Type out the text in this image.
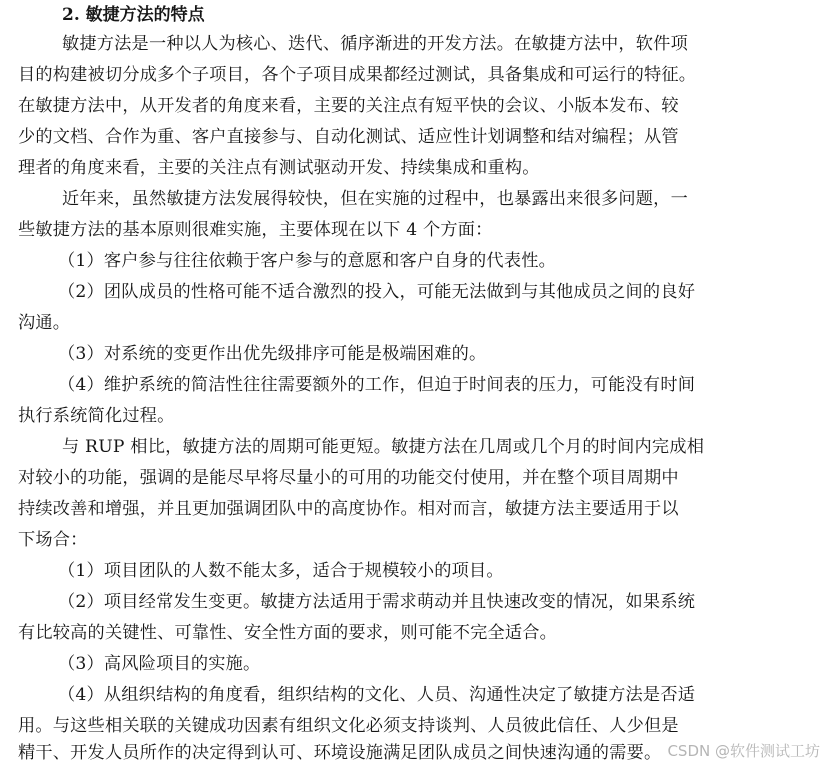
2. 敏捷方法的特点
敏捷方法是一种以人为核心、迭代、循序渐进的开发方法。在敏捷方法中，软件项
目的构建被切分成多个子项目，各个子项目成果都经过测试，具备集成和可运行的特征。
在敏捷方法中，从开发者的角度来看，主要的关注点有短平快的会议、小版本发布、较
少的文档、合作为重、客户直接参与、自动化测试、适应性计划调整和结对编程；从管
理者的角度来看，主要的关注点有测试驱动开发、持续集成和重构。
近年来，虽然敏捷方法发展得较快，但在实施的过程中，也暴露出来很多问题，一
些敏捷方法的基本原则很难实施，主要体现在以下 4 个方面：
（1）客户参与往往依赖于客户参与的意愿和客户自身的代表性。
（2）团队成员的性格可能不适合激烈的投入，可能无法做到与其他成员之间的良好
沟通。
（3）对系统的变更作出优先级排序可能是极端困难的。
（4）维护系统的简洁性往往需要额外的工作，但迫于时间表的压力，可能没有时间
执行系统简化过程。
与 RUP 相比，敏捷方法的周期可能更短。敏捷方法在几周或几个月的时间内完成相
对较小的功能，强调的是能尽早将尽量小的可用的功能交付使用，并在整个项目周期中
持续改善和增强，并且更加强调团队中的高度协作。相对而言，敏捷方法主要适用于以
下场合：
（1）项目团队的人数不能太多，适合于规模较小的项目。
（2）项目经常发生变更。敏捷方法适用于需求萌动并且快速改变的情况，如果系统
有比较高的关键性、可靠性、安全性方面的要求，则可能不完全适合。
（3）高风险项目的实施。
（4）从组织结构的角度看，组织结构的文化、人员、沟通性决定了敏捷方法是否适
用。与这些相关联的关键成功因素有组织文化必须支持谈判、人员彼此信任、人少但是
精干、开发人员所作的决定得到认可、环境设施满足团队成员之间快速沟通的需要。 CSDN @软件测试工坊
